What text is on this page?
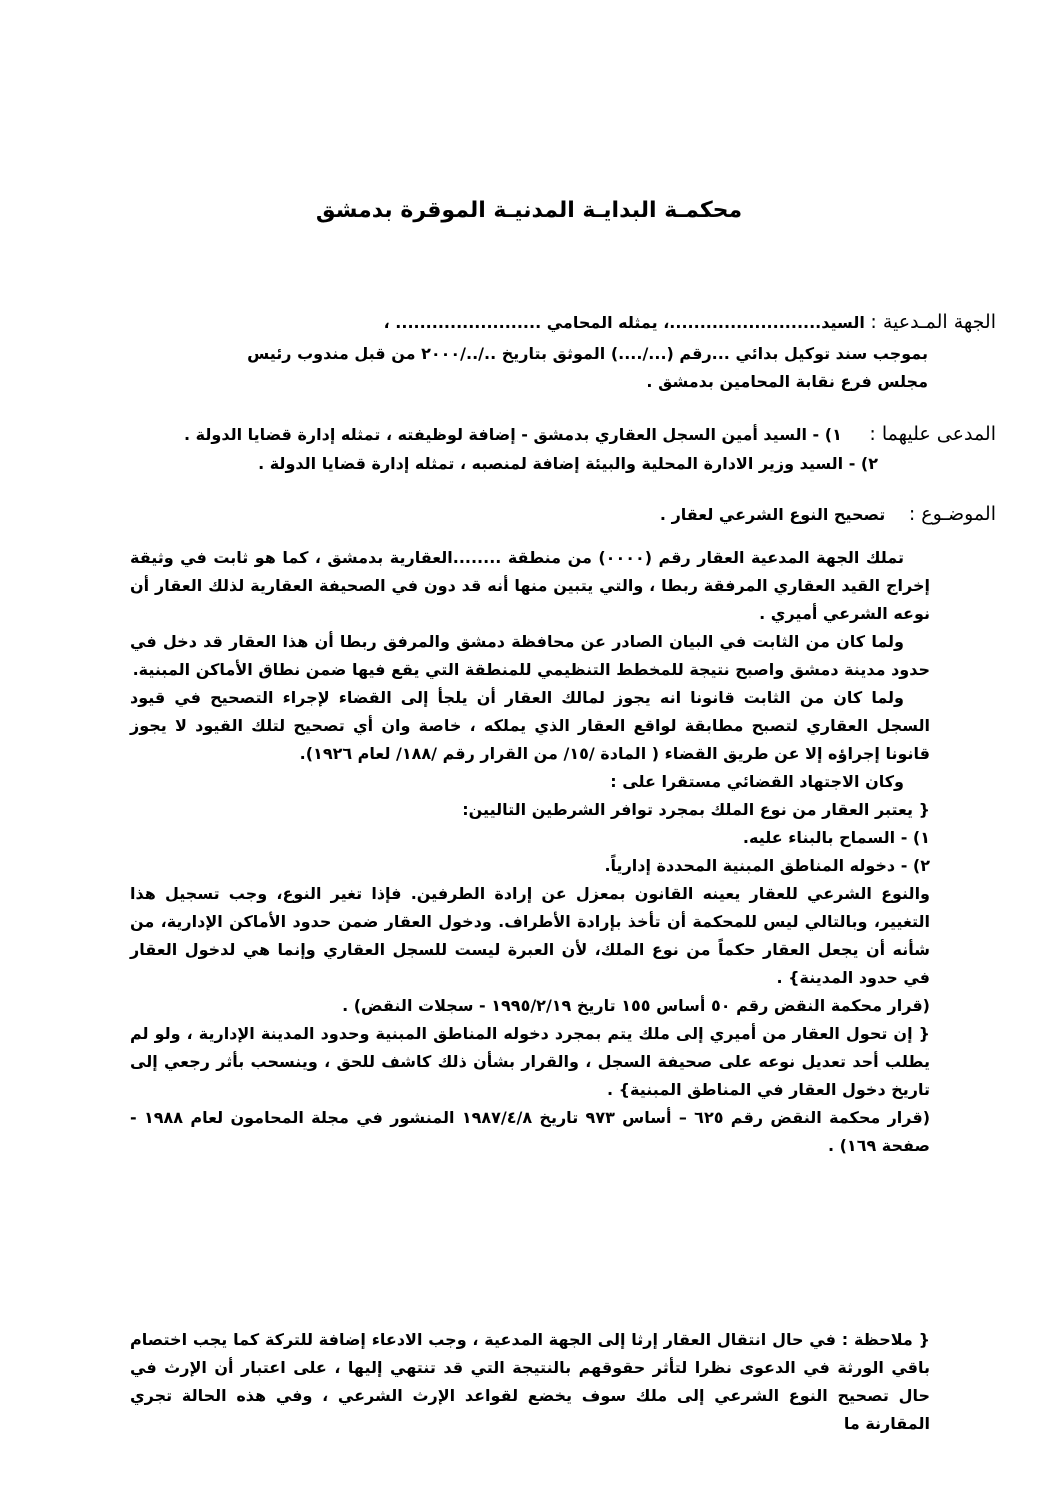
محكمـة البدايـة المدنيـة الموقرة بدمشق
الجهة المـدعية : السيد.........................، يمثله المحامي ........................ ،
بموجب سند توكيل بدائي ...رقم (.../....) الموثق بتاريخ ../../٢٠٠٠ من قبل مندوب رئيس
مجلس فرع نقابة المحامين بدمشق .
المدعى عليهما : ١) - السيد أمين السجل العقاري بدمشق - إضافة لوظيفته ، تمثله إدارة قضايا الدولة .
٢) - السيد وزير الادارة المحلية والبيئة إضافة لمنصبه ، تمثله إدارة قضايا الدولة .
الموضـوع : تصحيح النوع الشرعي لعقار .

تملك الجهة المدعية العقار رقم (٠٠٠٠) من منطقة ........العقارية بدمشق ، كما هو ثابت في وثيقة إخراج القيد العقاري المرفقة ربطا ، والتي يتبين منها أنه قد دون في الصحيفة العقارية لذلك العقار أن نوعه الشرعي أميري .

ولما كان من الثابت في البيان الصادر عن محافظة دمشق والمرفق ربطا أن هذا العقار قد دخل في حدود مدينة دمشق واصبح نتيجة للمخطط التنظيمي للمنطقة التي يقع فيها ضمن نطاق الأماكن المبنية.

ولما كان من الثابت قانونا انه يجوز لمالك العقار أن يلجأ إلى القضاء لإجراء التصحيح في قيود السجل العقاري لتصبح مطابقة لواقع العقار الذي يملكه ، خاصة وان أي تصحيح لتلك القيود لا يجوز قانونا إجراؤه إلا عن طريق القضاء ( المادة /١٥/ من القرار رقم /١٨٨/ لعام ١٩٢٦).

وكان الاجتهاد القضائي مستقرا على :

{ يعتبر العقار من نوع الملك بمجرد توافر الشرطين التاليين:

١) - السماح بالبناء عليه.

٢) - دخوله المناطق المبنية المحددة إدارياً.

والنوع الشرعي للعقار يعينه القانون بمعزل عن إرادة الطرفين. فإذا تغير النوع، وجب تسجيل هذا التغيير، وبالتالي ليس للمحكمة أن تأخذ بإرادة الأطراف. ودخول العقار ضمن حدود الأماكن الإدارية، من شأنه أن يجعل العقار حكماً من نوع الملك، لأن العبرة ليست للسجل العقاري وإنما هي لدخول العقار في حدود المدينة} .

(قرار محكمة النقض رقم ٥٠ أساس ١٥٥ تاريخ ١٩٩٥/٢/١٩ - سجلات النقض) .

{ إن تحول العقار من أميري إلى ملك يتم بمجرد دخوله المناطق المبنية وحدود المدينة الإدارية ، ولو لم يطلب أحد تعديل نوعه على صحيفة السجل ، والقرار بشأن ذلك كاشف للحق ، وينسحب بأثر رجعي إلى تاريخ دخول العقار في المناطق المبنية} .

(قرار محكمة النقض رقم ٦٢٥ – أساس ٩٧٣ تاريخ ١٩٨٧/٤/٨ المنشور في مجلة المحامون لعام ١٩٨٨ - صفحة ١٦٩) .

{ ملاحظة : في حال انتقال العقار إرثا إلى الجهة المدعية ، وجب الادعاء إضافة للتركة كما يجب اختصام باقي الورثة في الدعوى نظرا لتأثر حقوقهم بالنتيجة التي قد تنتهي إليها ، على اعتبار أن الإرث في حال تصحيح النوع الشرعي إلى ملك سوف يخضع لقواعد الإرث الشرعي ، وفي هذه الحالة تجري المقارنة ما
